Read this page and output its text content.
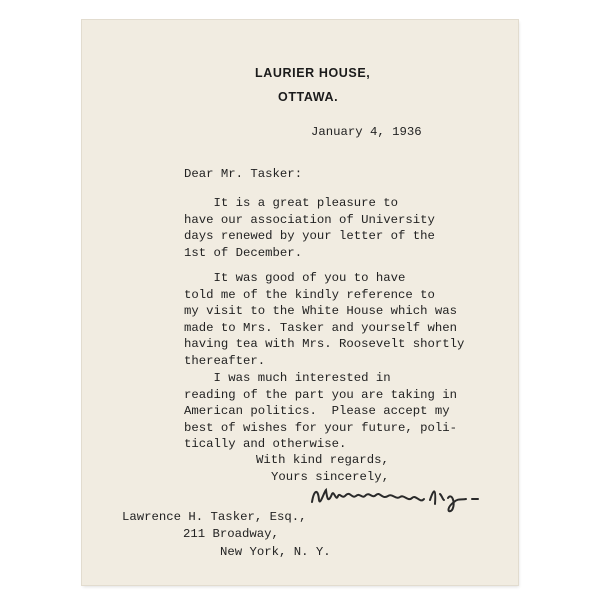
LAURIER HOUSE,
OTTAWA.
January 4, 1936
Dear Mr. Tasker:
It is a great pleasure to
have our association of University
days renewed by your letter of the
1st of December.
It was good of you to have
told me of the kindly reference to
my visit to the White House which was
made to Mrs. Tasker and yourself when
having tea with Mrs. Roosevelt shortly
thereafter.
I was much interested in
reading of the part you are taking in
American politics.  Please accept my
best of wishes for your future, poli-
tically and otherwise.
With kind regards,
Yours sincerely,
Lawrence H. Tasker, Esq.,
211 Broadway,
New York, N. Y.
